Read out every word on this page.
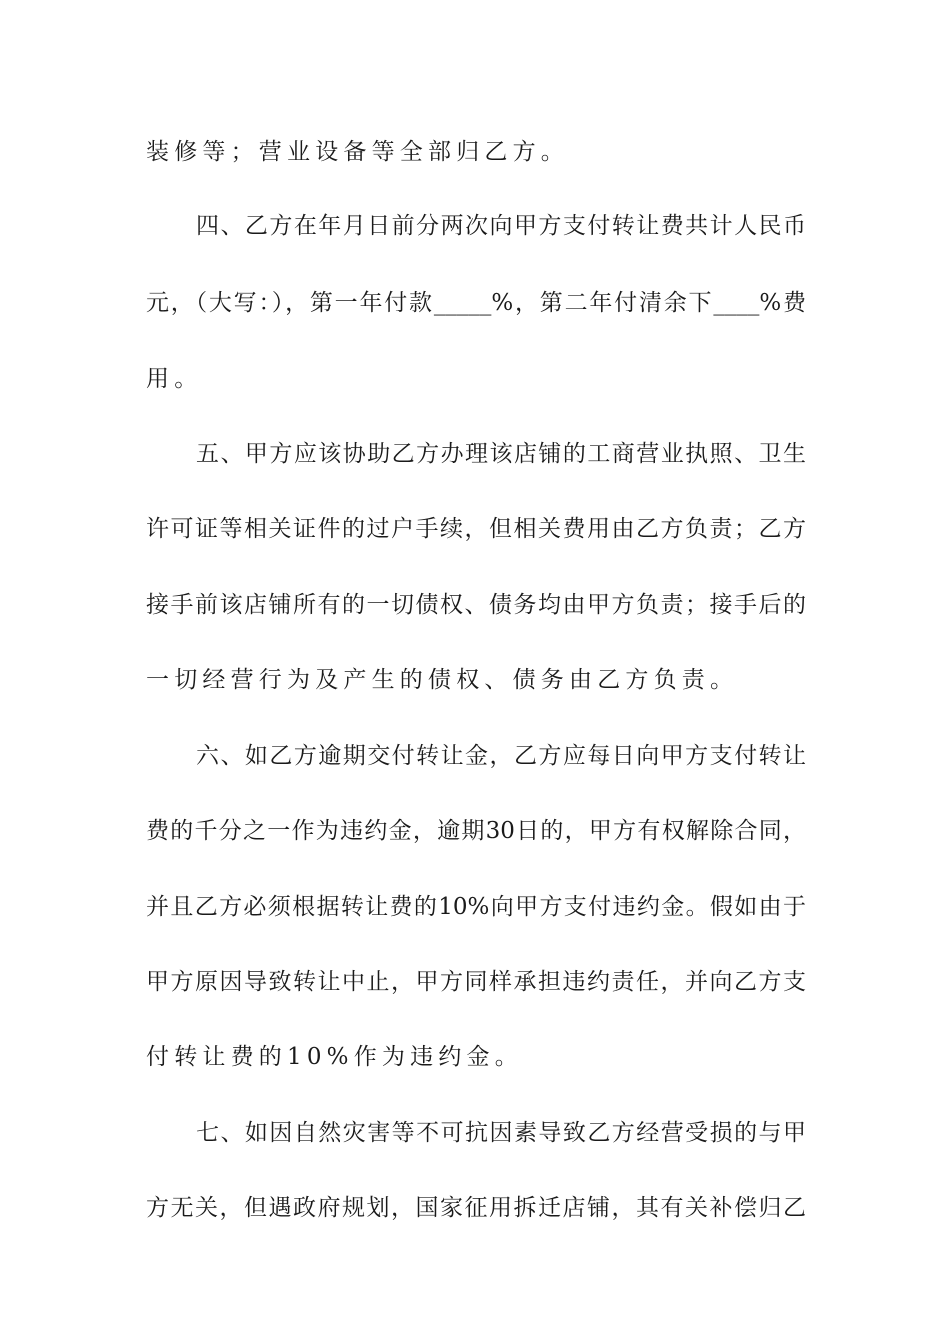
装修等；营业设备等全部归乙方。
四、乙方在年月日前分两次向甲方支付转让费共计人民币
元，（大写：），第一年付款_____%，第二年付清余下____%费
用。
五、甲方应该协助乙方办理该店铺的工商营业执照、卫生
许可证等相关证件的过户手续，但相关费用由乙方负责；乙方
接手前该店铺所有的一切债权、债务均由甲方负责；接手后的
一切经营行为及产生的债权、债务由乙方负责。
六、如乙方逾期交付转让金，乙方应每日向甲方支付转让
费的千分之一作为违约金，逾期30日的，甲方有权解除合同，
并且乙方必须根据转让费的10%向甲方支付违约金。假如由于
甲方原因导致转让中止，甲方同样承担违约责任，并向乙方支
付转让费的10%作为违约金。
七、如因自然灾害等不可抗因素导致乙方经营受损的与甲
方无关，但遇政府规划，国家征用拆迁店铺，其有关补偿归乙
